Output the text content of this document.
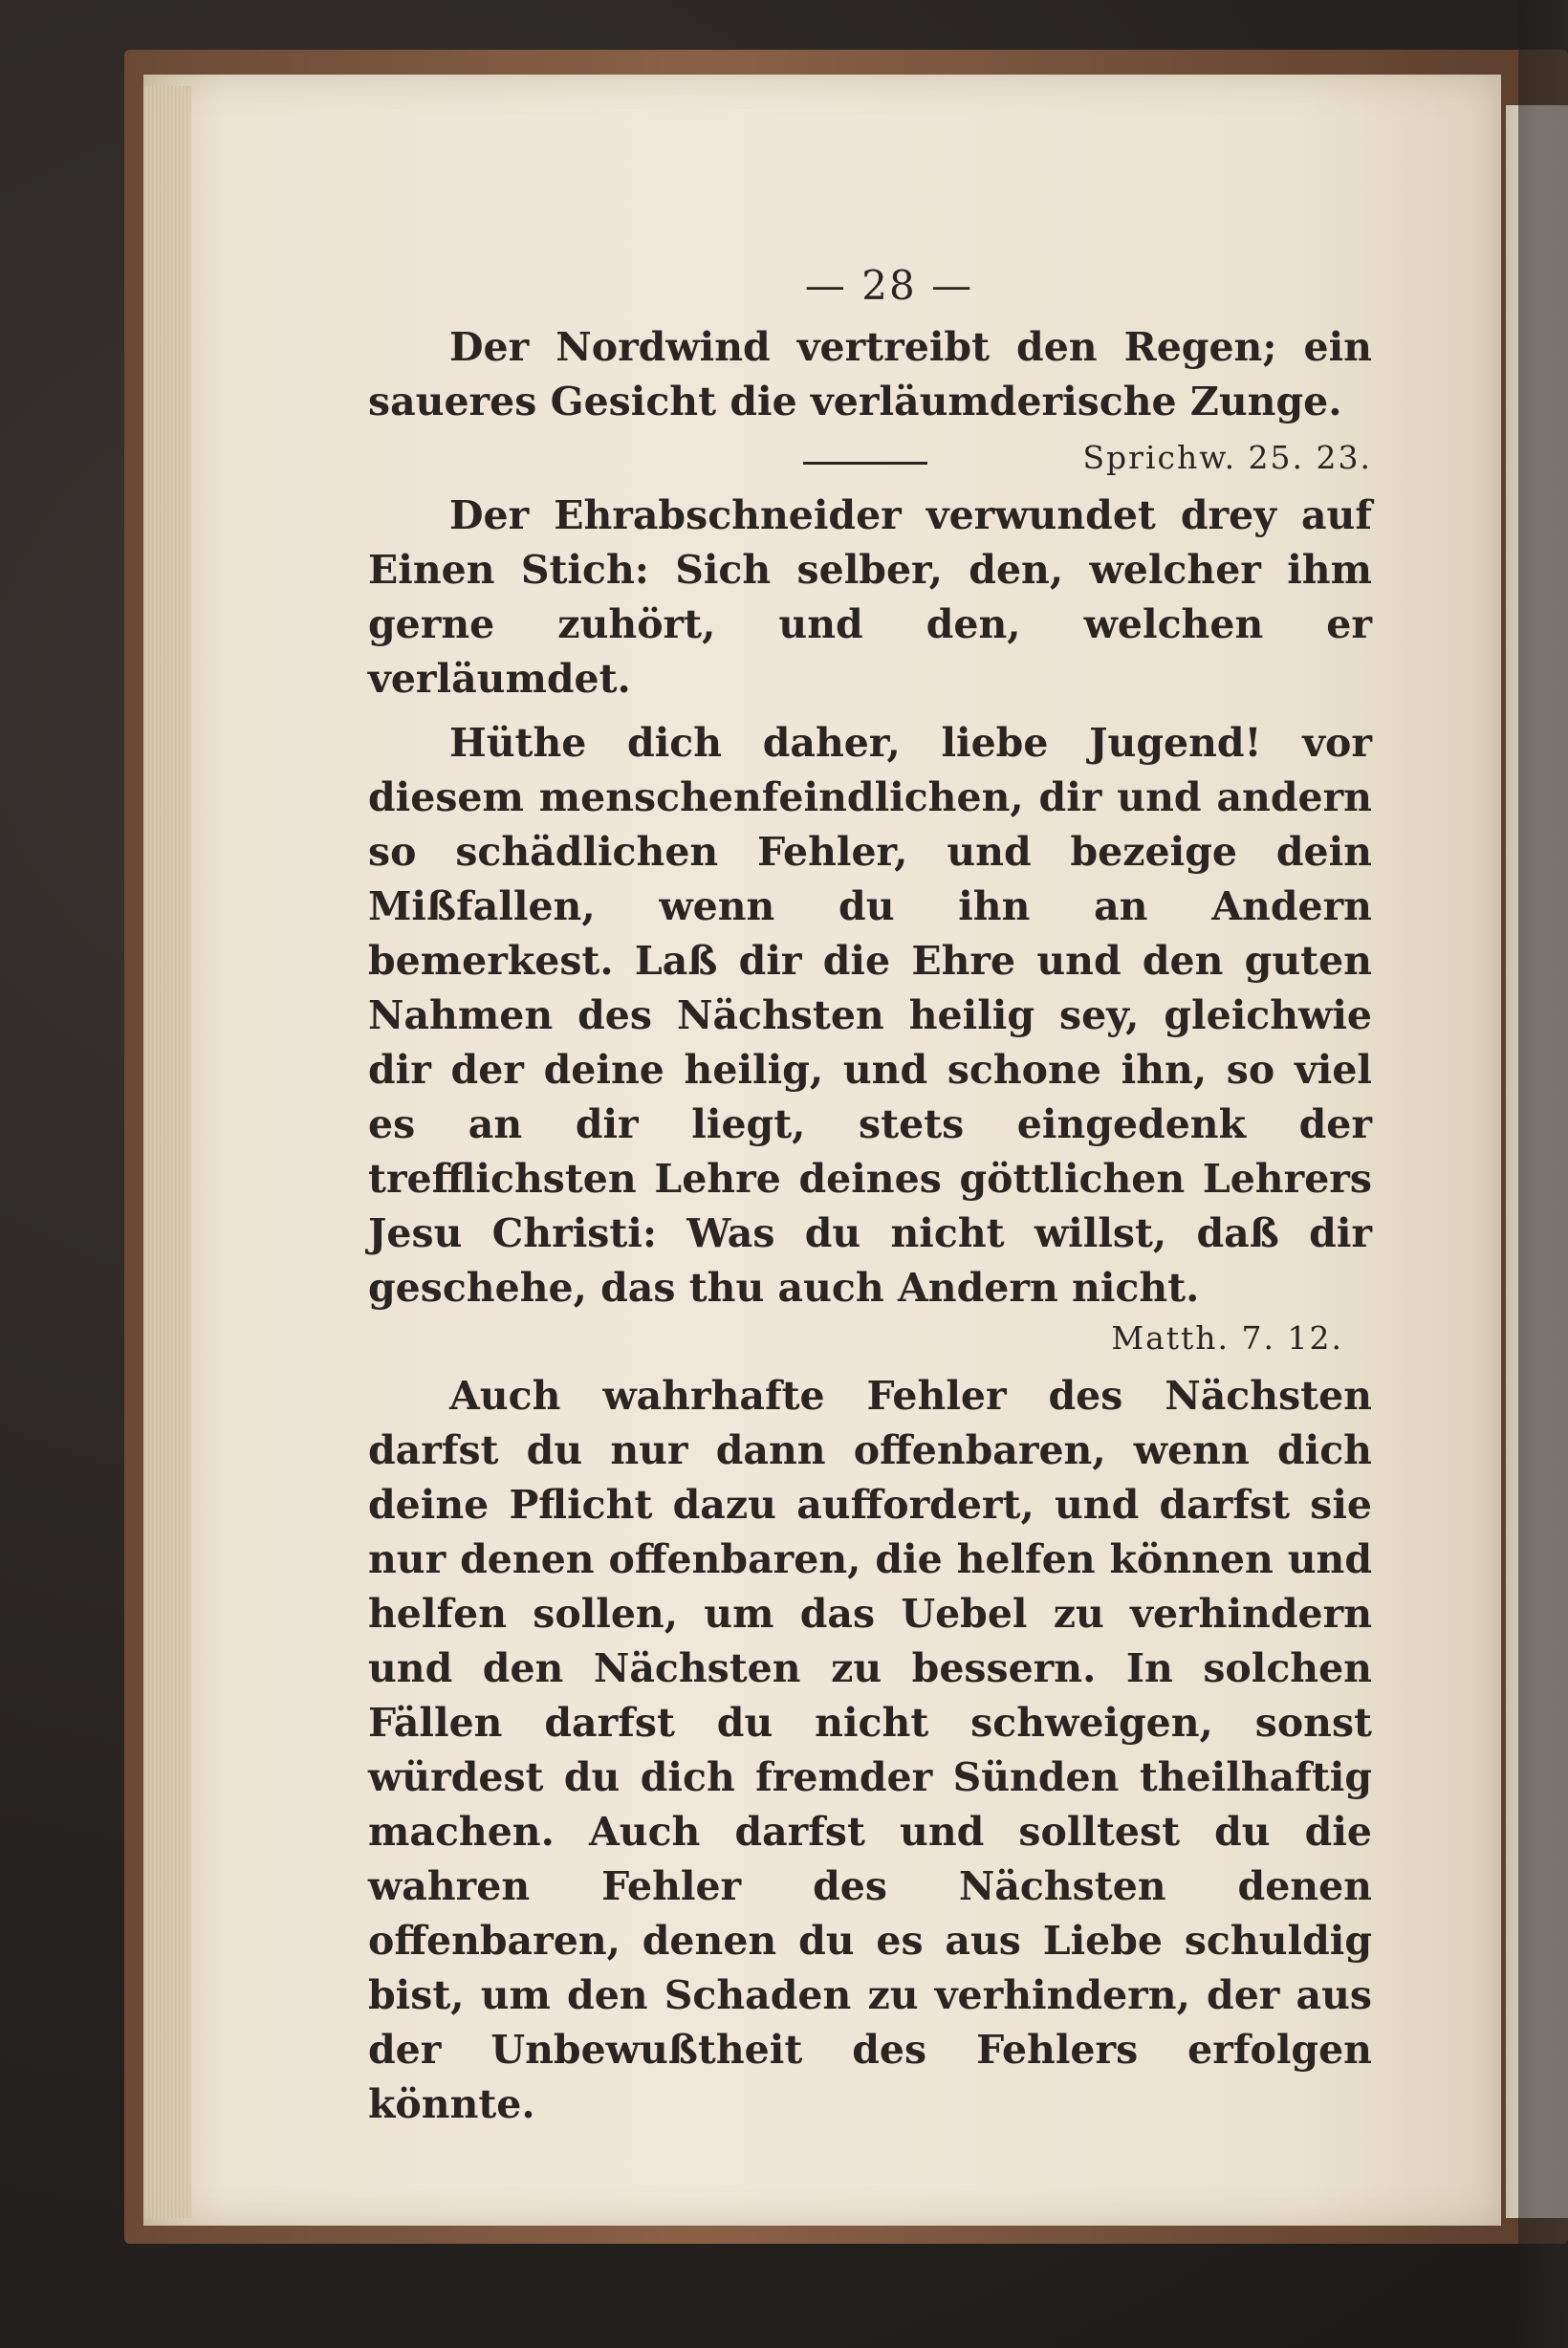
— 28 —

Der Nordwind vertreibt den Regen; ein saueres Gesicht die verläumderische Zunge.

Sprichw. 25. 23.

Der Ehrabschneider verwundet drey auf Einen Stich: Sich selber, den, welcher ihm gerne zuhört, und den, welchen er verläumdet.

Hüthe dich daher, liebe Jugend! vor diesem menschenfeindlichen, dir und andern so schädlichen Fehler, und bezeige dein Mißfallen, wenn du ihn an Andern bemerkest. Laß dir die Ehre und den guten Nahmen des Nächsten heilig sey, gleichwie dir der deine heilig, und schone ihn, so viel es an dir liegt, stets eingedenk der trefflichsten Lehre deines göttlichen Lehrers Jesu Christi: Was du nicht willst, daß dir geschehe, das thu auch Andern nicht.

Matth. 7. 12.

Auch wahrhafte Fehler des Nächsten darfst du nur dann offenbaren, wenn dich deine Pflicht dazu auffordert, und darfst sie nur denen offenbaren, die helfen können und helfen sollen, um das Uebel zu verhindern und den Nächsten zu bessern. In solchen Fällen darfst du nicht schweigen, sonst würdest du dich fremder Sünden theilhaftig machen. Auch darfst und solltest du die wahren Fehler des Nächsten denen offenbaren, denen du es aus Liebe schuldig bist, um den Schaden zu verhindern, der aus der Unbewußtheit des Fehlers erfolgen könnte.
